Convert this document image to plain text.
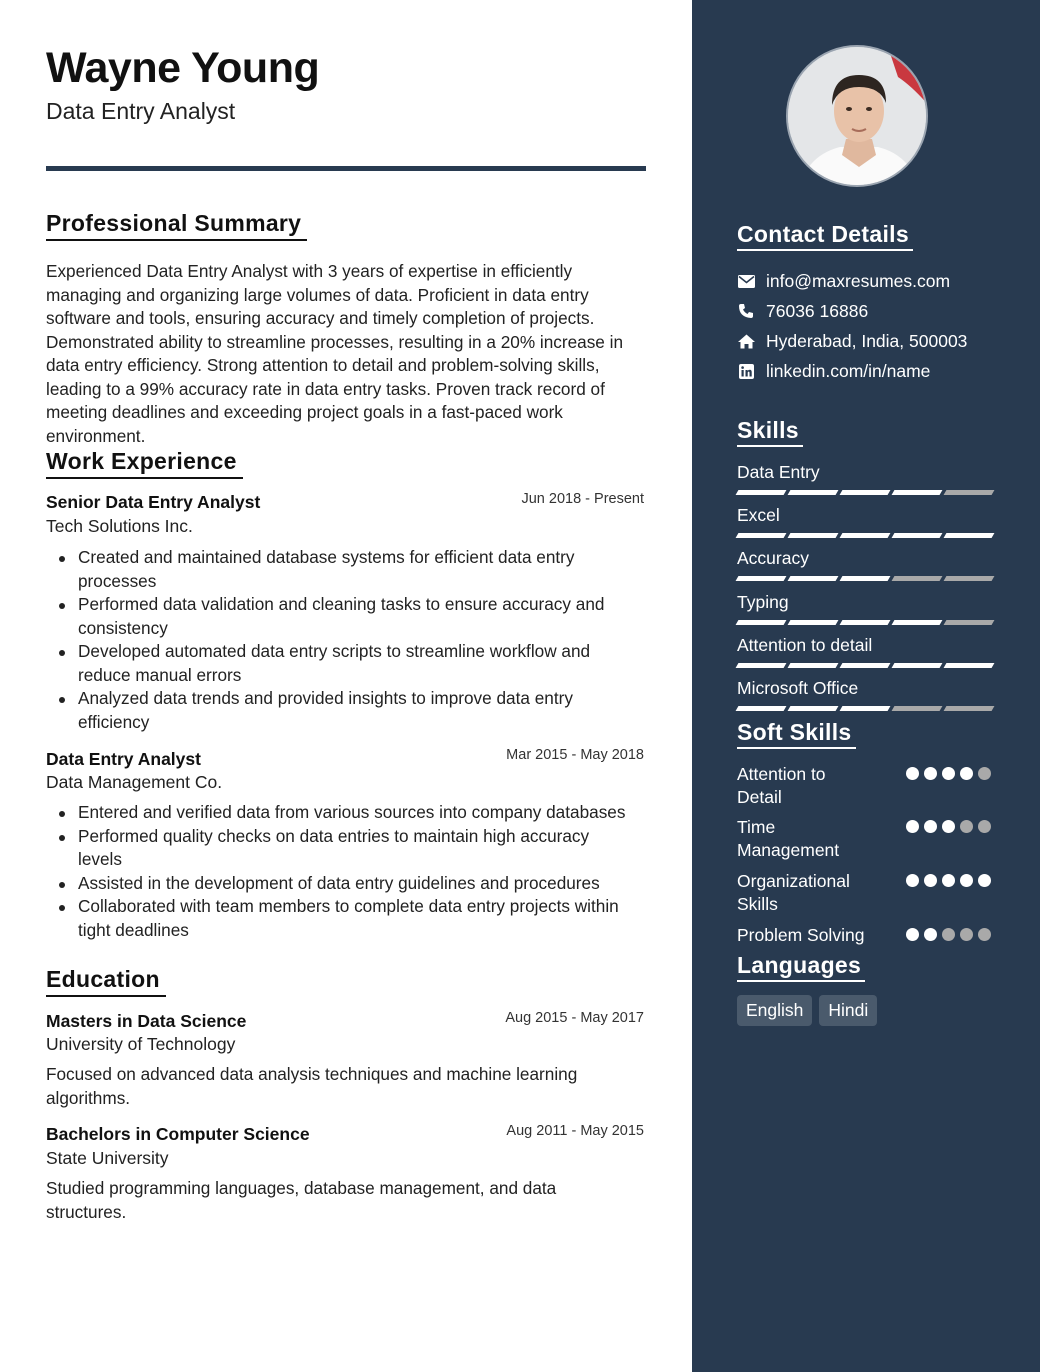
Wayne Young
Data Entry Analyst
Professional Summary

Experienced Data Entry Analyst with 3 years of expertise in efficiently managing and organizing large volumes of data. Proficient in data entry software and tools, ensuring accuracy and timely completion of projects. Demonstrated ability to streamline processes, resulting in a 20% increase in data entry efficiency. Strong attention to detail and problem-solving skills, leading to a 99% accuracy rate in data entry tasks. Proven track record of meeting deadlines and exceeding project goals in a fast-paced work environment.

Work Experience
Senior Data Entry Analyst	Jun 2018 - Present
Tech Solutions Inc.
Created and maintained database systems for efficient data entry processes
Performed data validation and cleaning tasks to ensure accuracy and consistency
Developed automated data entry scripts to streamline workflow and reduce manual errors
Analyzed data trends and provided insights to improve data entry efficiency
Data Entry Analyst	Mar 2015 - May 2018
Data Management Co.
Entered and verified data from various sources into company databases
Performed quality checks on data entries to maintain high accuracy levels
Assisted in the development of data entry guidelines and procedures
Collaborated with team members to complete data entry projects within tight deadlines
Education
Masters in Data Science	Aug 2015 - May 2017
University of Technology

Focused on advanced data analysis techniques and machine learning algorithms.

Bachelors in Computer Science	Aug 2011 - May 2015
State University

Studied programming languages, database management, and data structures.

Contact Details
info@maxresumes.com
76036 16886
Hyderabad, India, 500003
linkedin.com/in/name
Skills
Data Entry
Excel
Accuracy
Typing
Attention to detail
Microsoft Office
Soft Skills
Attention to Detail
Time Management
Organizational Skills
Problem Solving
Languages
English	Hindi
